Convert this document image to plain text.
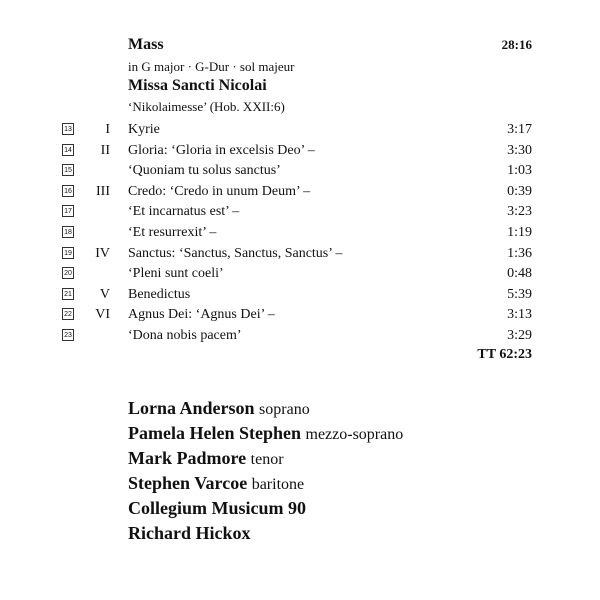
Mass	28:16
in G major · G-Dur · sol majeur
Missa Sancti Nicolai
‘Nikolaimesse’ (Hob. XXII:6)
13 I Kyrie	3:17
14 II Gloria: ‘Gloria in excelsis Deo’ –	3:30
15	‘Quoniam tu solus sanctus’	1:03
16 III Credo: ‘Credo in unum Deum’ –	0:39
17	‘Et incarnatus est’ –	3:23
18	‘Et resurrexit’ –	1:19
19 IV Sanctus: ‘Sanctus, Sanctus, Sanctus’ –	1:36
20	‘Pleni sunt coeli’	0:48
21 V Benedictus	5:39
22 VI Agnus Dei: ‘Agnus Dei’ –	3:13
23	‘Dona nobis pacem’	3:29
TT 62:23
Lorna Anderson soprano
Pamela Helen Stephen mezzo-soprano
Mark Padmore tenor
Stephen Varcoe baritone
Collegium Musicum 90
Richard Hickox
